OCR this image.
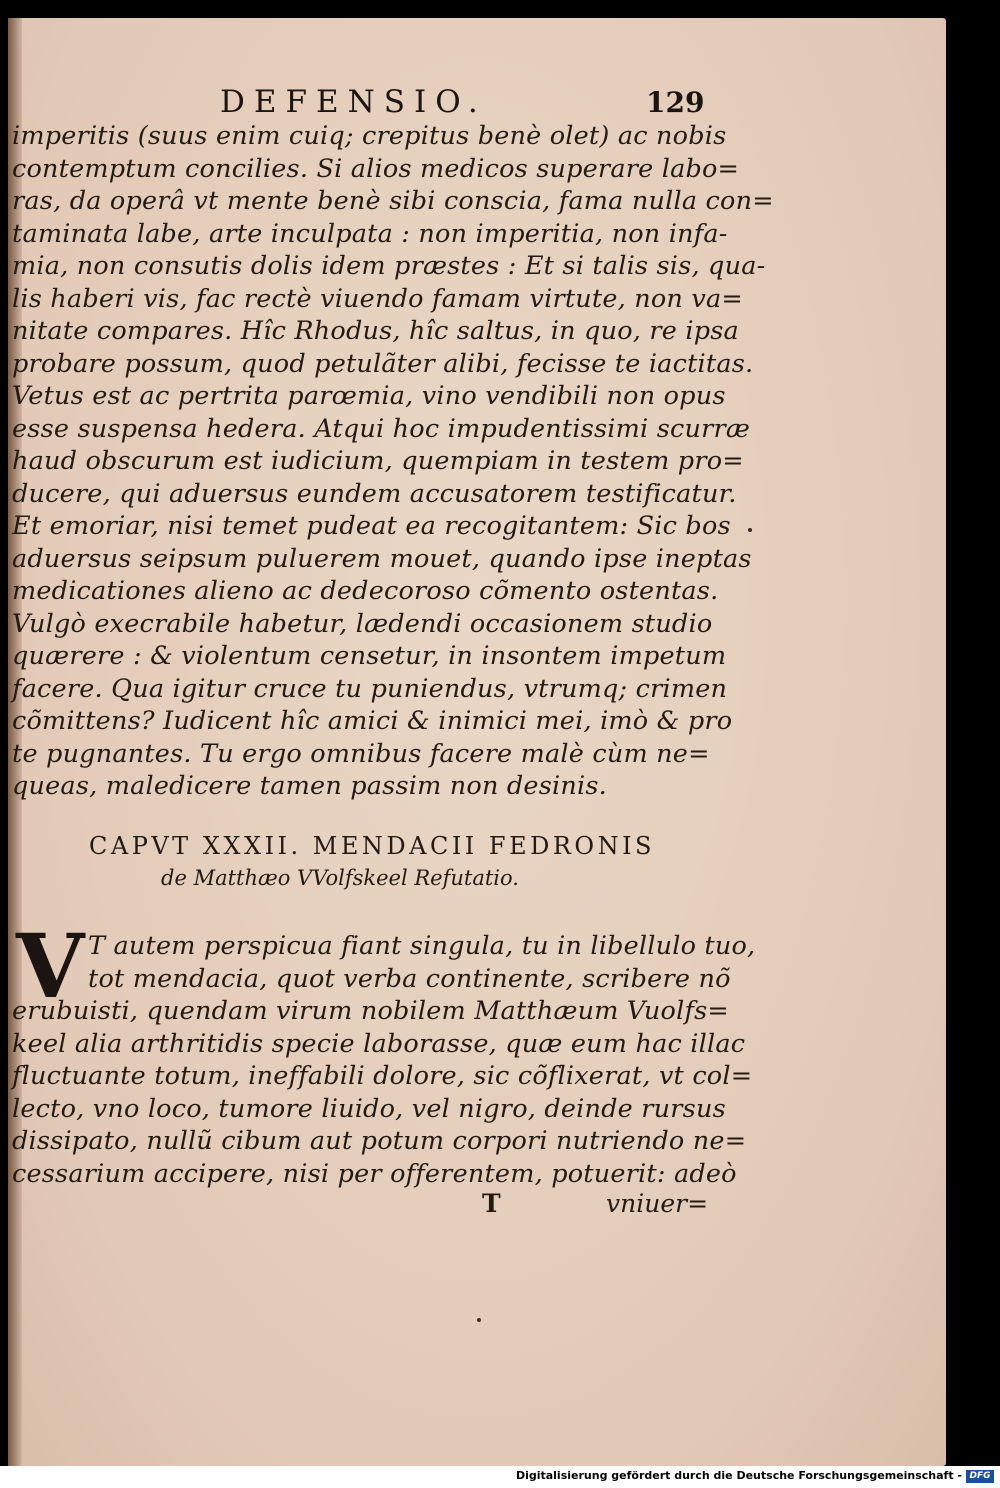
DEFENSIO.	129
imperitis (suus enim cuiq; crepitus benè olet) ac nobis
contemptum concilies. Si alios medicos superare labo=
ras, da operâ vt mente benè sibi conscia, fama nulla con=
taminata labe, arte inculpata : non imperitia, non infa-
mia, non consutis dolis idem præstes : Et si talis sis, qua-
lis haberi vis, fac rectè viuendo famam virtute, non va=
nitate compares. Hîc Rhodus, hîc saltus, in quo, re ipsa
probare possum, quod petulãter alibi, fecisse te iactitas.
Vetus est ac pertrita parœmia, vino vendibili non opus
esse suspensa hedera. Atqui hoc impudentissimi scurræ
haud obscurum est iudicium, quempiam in testem pro=
ducere, qui aduersus eundem accusatorem testificatur.
Et emoriar, nisi temet pudeat ea recogitantem: Sic bos
aduersus seipsum puluerem mouet, quando ipse ineptas
medicationes alieno ac dedecoroso cõmento ostentas.
Vulgò execrabile habetur, lædendi occasionem studio
quærere : & violentum censetur, in insontem impetum
facere. Qua igitur cruce tu puniendus, vtrumq; crimen
cõmittens? Iudicent hîc amici & inimici mei, imò & pro
te pugnantes. Tu ergo omnibus facere malè cùm ne=
queas, maledicere tamen passim non desinis.
CAPVT XXXII. MENDACII FEDRONIS
de Matthæo VVolfskeel Refutatio.
V T autem perspicua fiant singula, tu in libellulo tuo,
tot mendacia, quot verba continente, scribere nõ
erubuisti, quendam virum nobilem Matthæum Vuolfs=
keel alia arthritidis specie laborasse, quæ eum hac illac
fluctuante totum, ineffabili dolore, sic cõflixerat, vt col=
lecto, vno loco, tumore liuido, vel nigro, deinde rursus
dissipato, nullũ cibum aut potum corpori nutriendo ne=
cessarium accipere, nisi per offerentem, potuerit: adeò
T	vniuer=
Digitalisierung gefördert durch die Deutsche Forschungsgemeinschaft - DFG
